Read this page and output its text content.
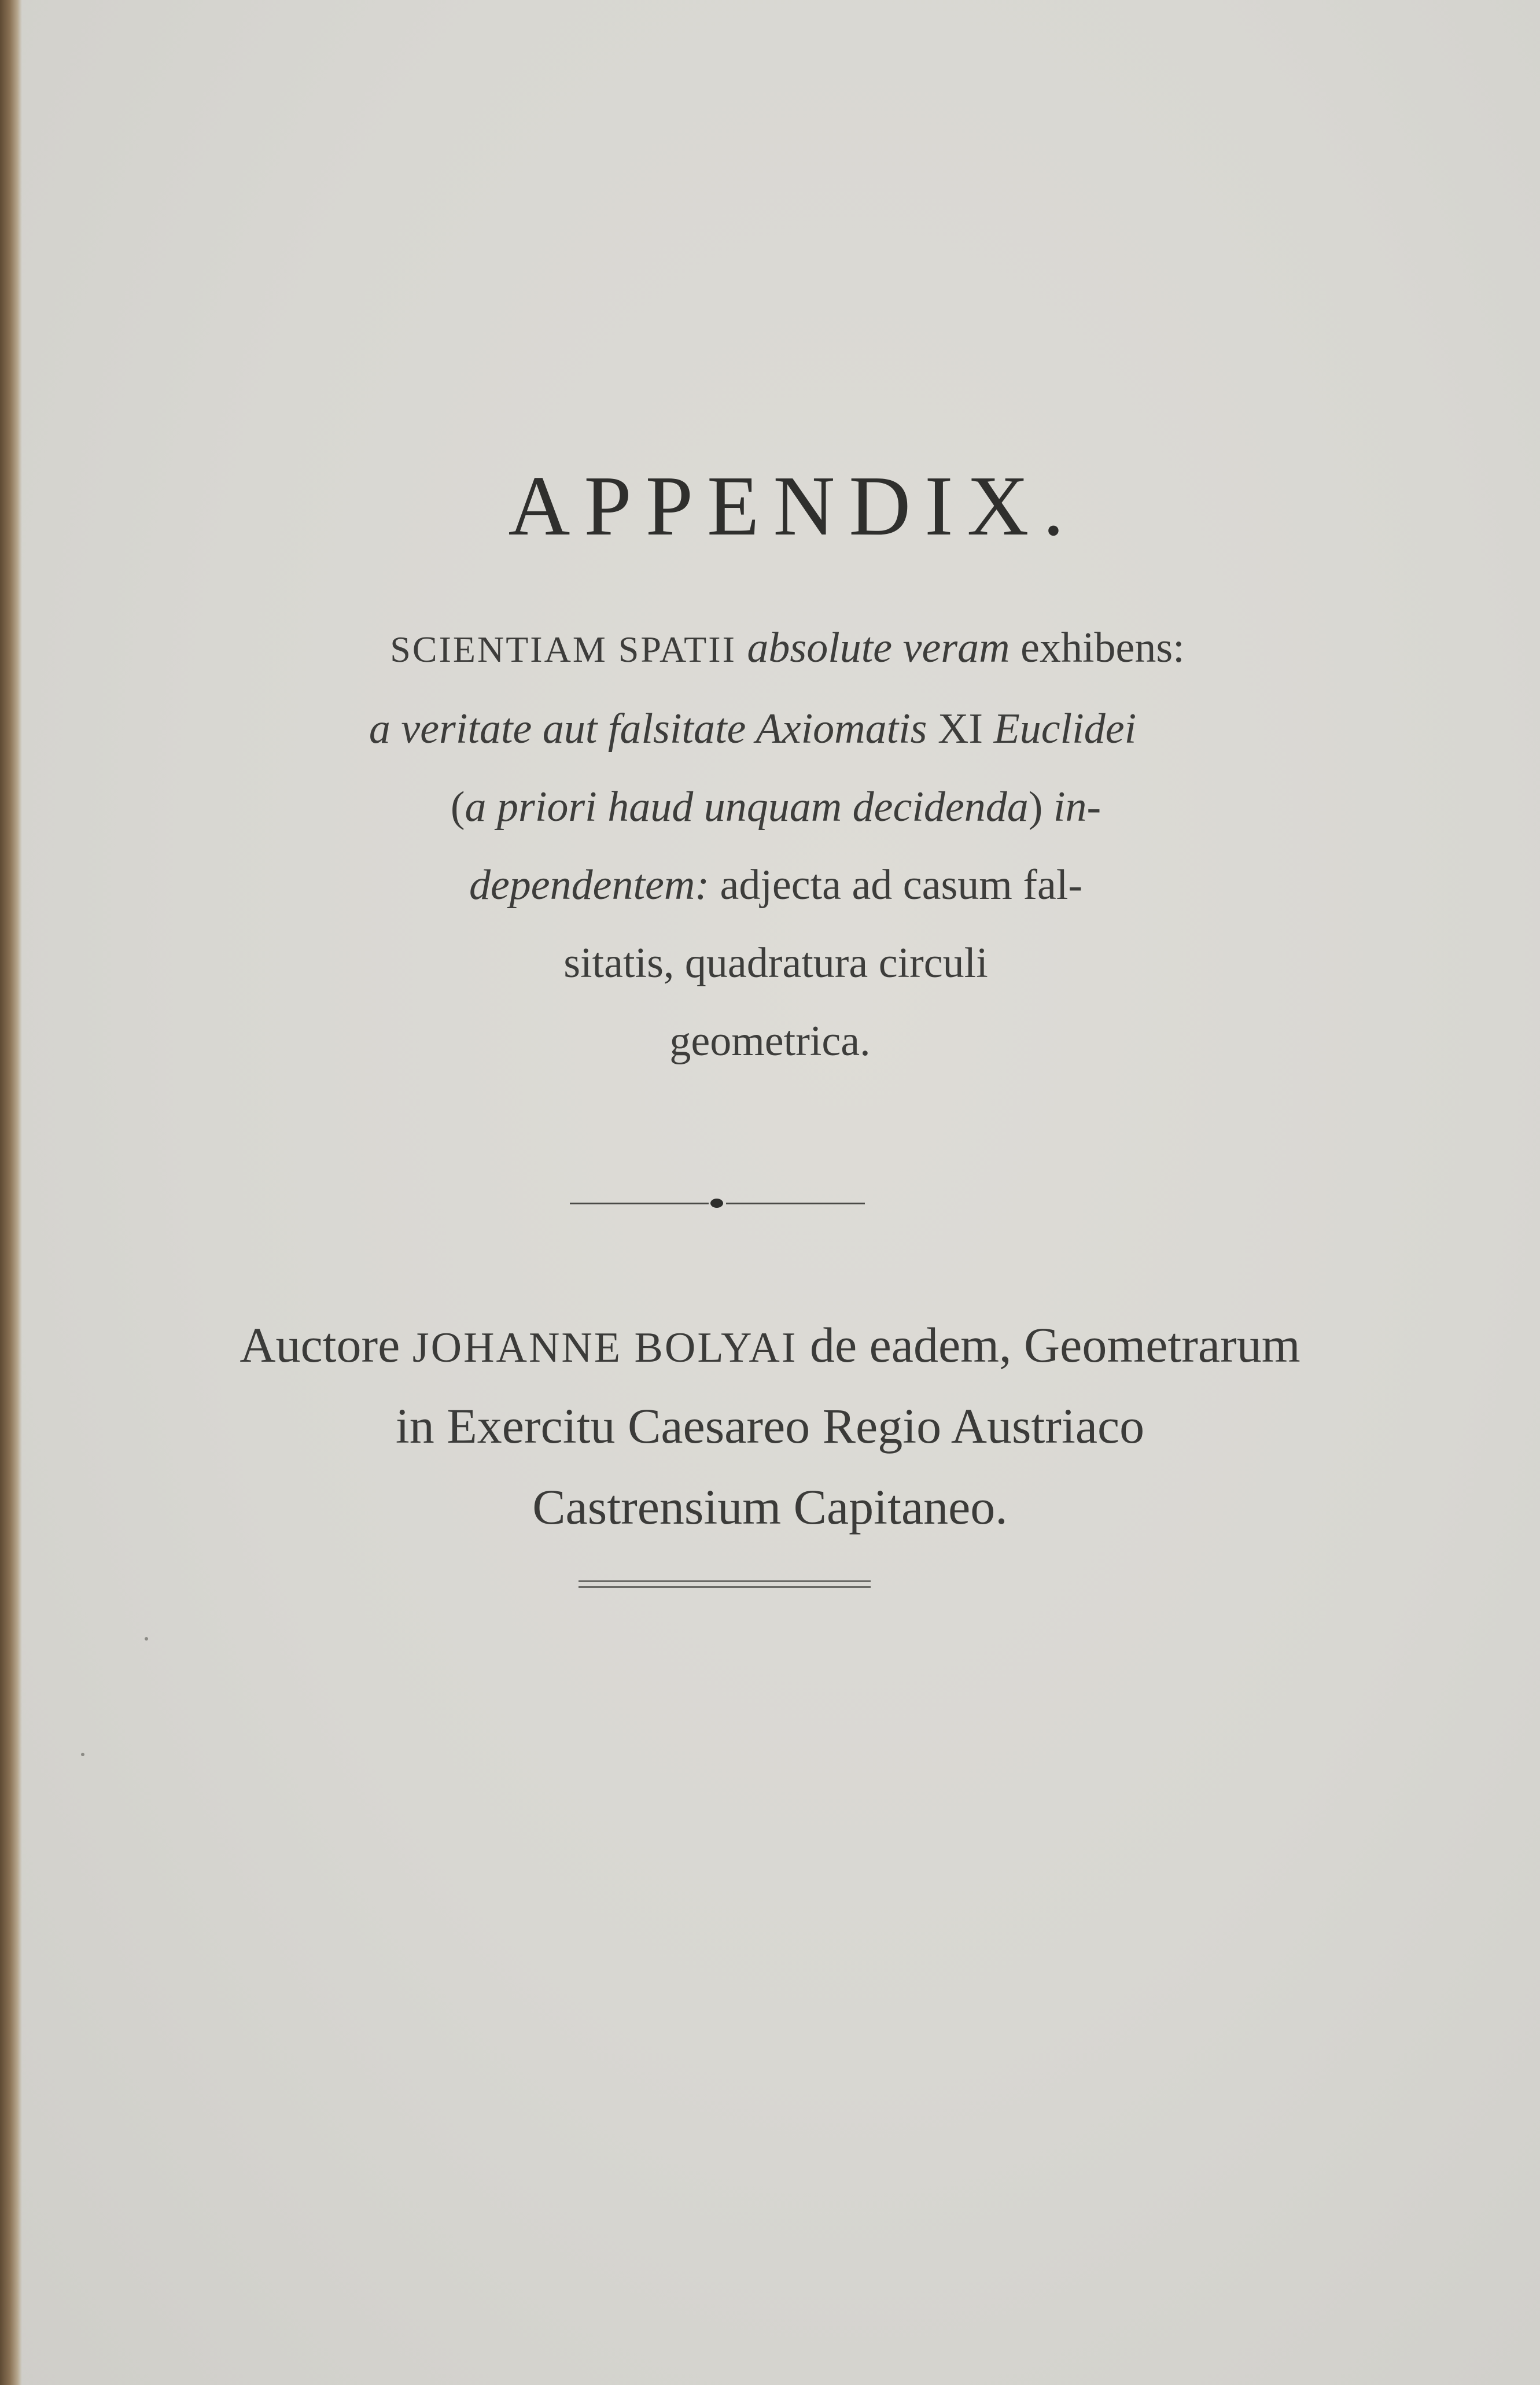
APPENDIX.
SCIENTIAM SPATII absolute veram exhibens:
a veritate aut falsitate Axiomatis XI Euclidei
(a priori haud unquam decidenda) in-
dependentem: adjecta ad casum fal-
sitatis, quadratura circuli
geometrica.
Auctore JOHANNE BOLYAI de eadem, Geometrarum
in Exercitu Caesareo Regio Austriaco
Castrensium Capitaneo.
